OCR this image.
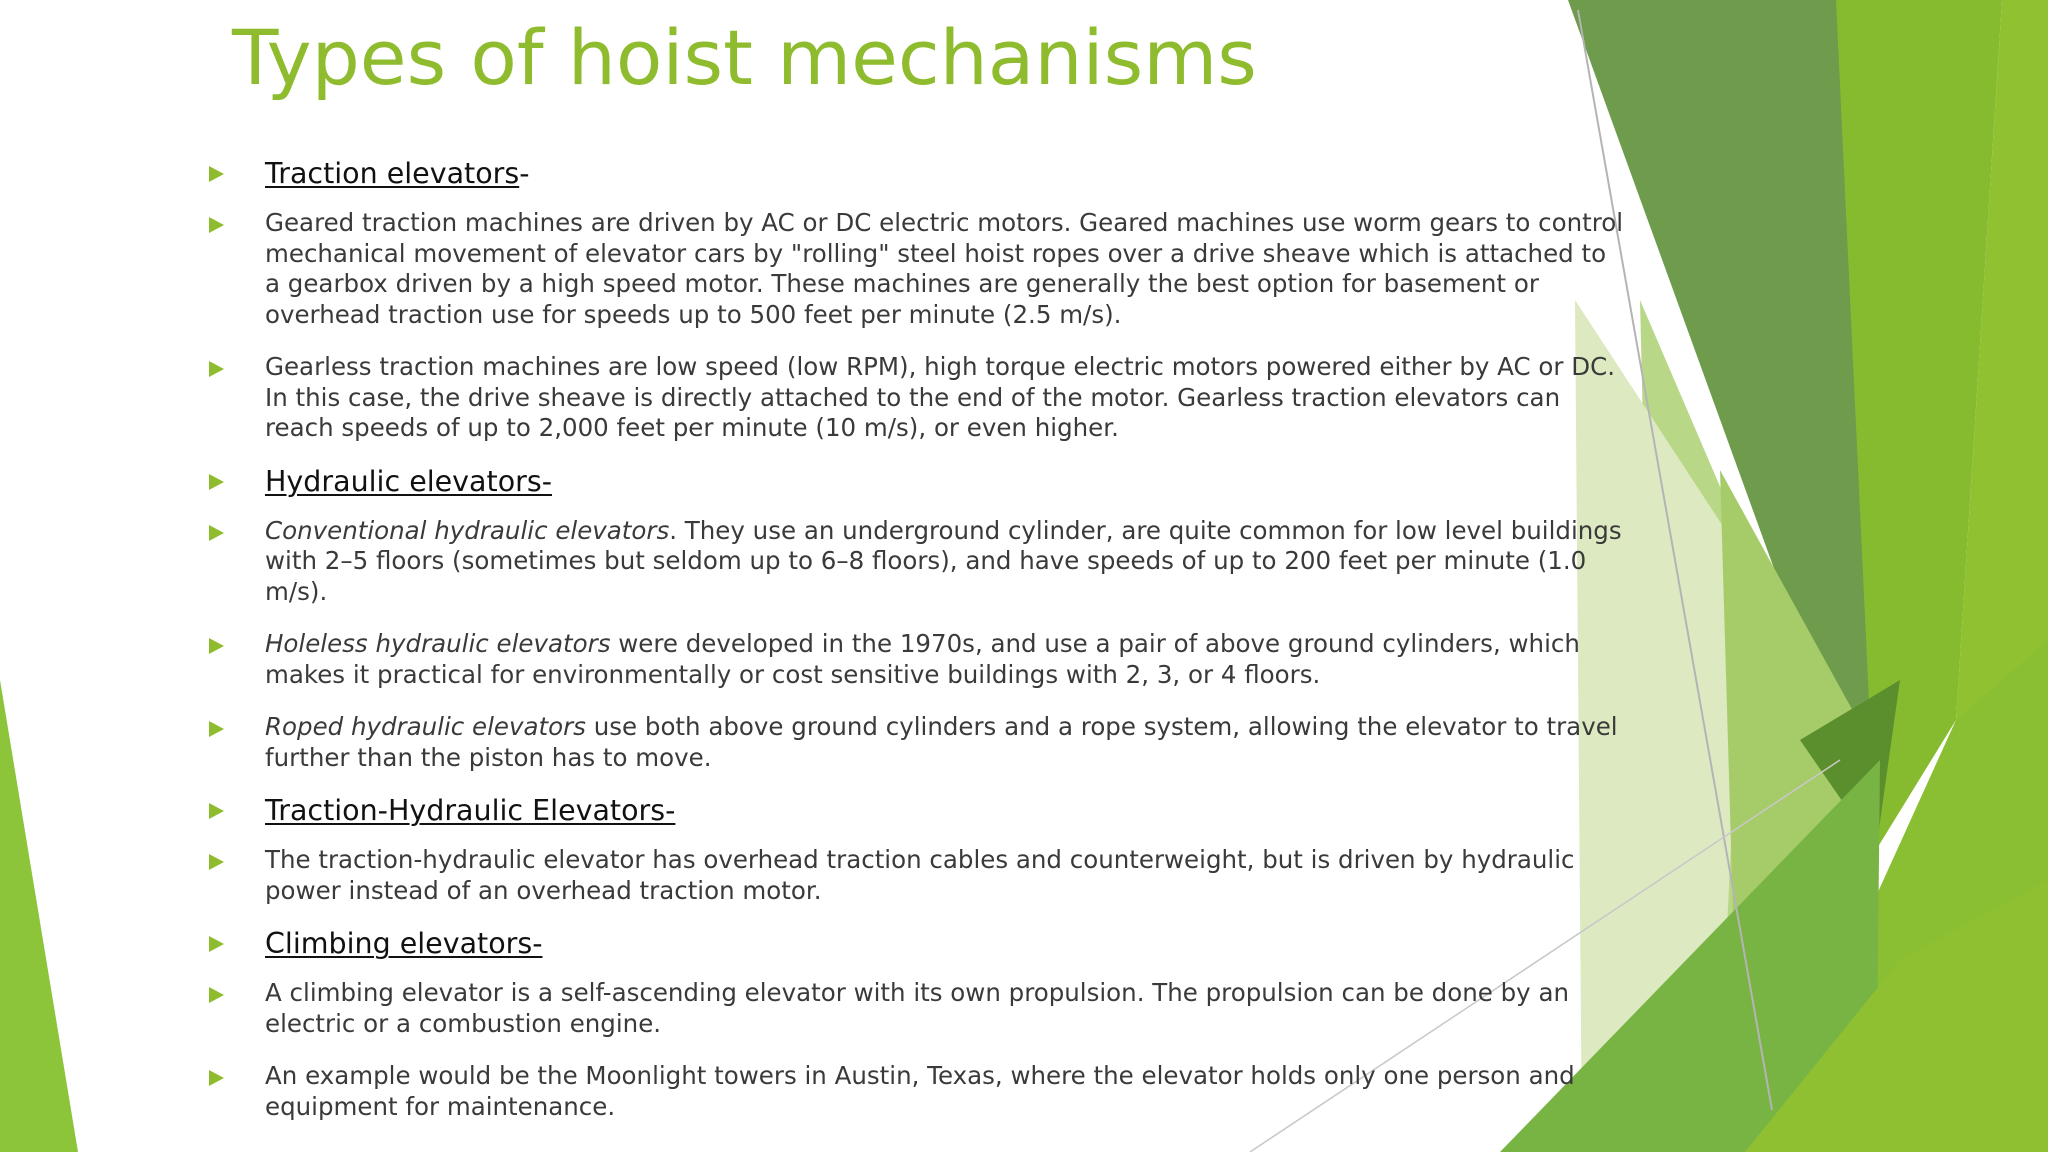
Types of hoist mechanisms
Traction elevators-
Geared traction machines are driven by AC or DC electric motors. Geared machines use worm gears to control mechanical movement of elevator cars by "rolling" steel hoist ropes over a drive sheave which is attached to a gearbox driven by a high speed motor. These machines are generally the best option for basement or overhead traction use for speeds up to 500 feet per minute (2.5 m/s).
Gearless traction machines are low speed (low RPM), high torque electric motors powered either by AC or DC. In this case, the drive sheave is directly attached to the end of the motor. Gearless traction elevators can reach speeds of up to 2,000 feet per minute (10 m/s), or even higher.
Hydraulic elevators-
Conventional hydraulic elevators. They use an underground cylinder, are quite common for low level buildings with 2–5 floors (sometimes but seldom up to 6–8 floors), and have speeds of up to 200 feet per minute (1.0 m/s).
Holeless hydraulic elevators were developed in the 1970s, and use a pair of above ground cylinders, which makes it practical for environmentally or cost sensitive buildings with 2, 3, or 4 floors.
Roped hydraulic elevators use both above ground cylinders and a rope system, allowing the elevator to travel further than the piston has to move.
Traction-Hydraulic Elevators-
The traction-hydraulic elevator has overhead traction cables and counterweight, but is driven by hydraulic power instead of an overhead traction motor.
Climbing elevators-
A climbing elevator is a self-ascending elevator with its own propulsion. The propulsion can be done by an electric or a combustion engine.
An example would be the Moonlight towers in Austin, Texas, where the elevator holds only one person and equipment for maintenance.
